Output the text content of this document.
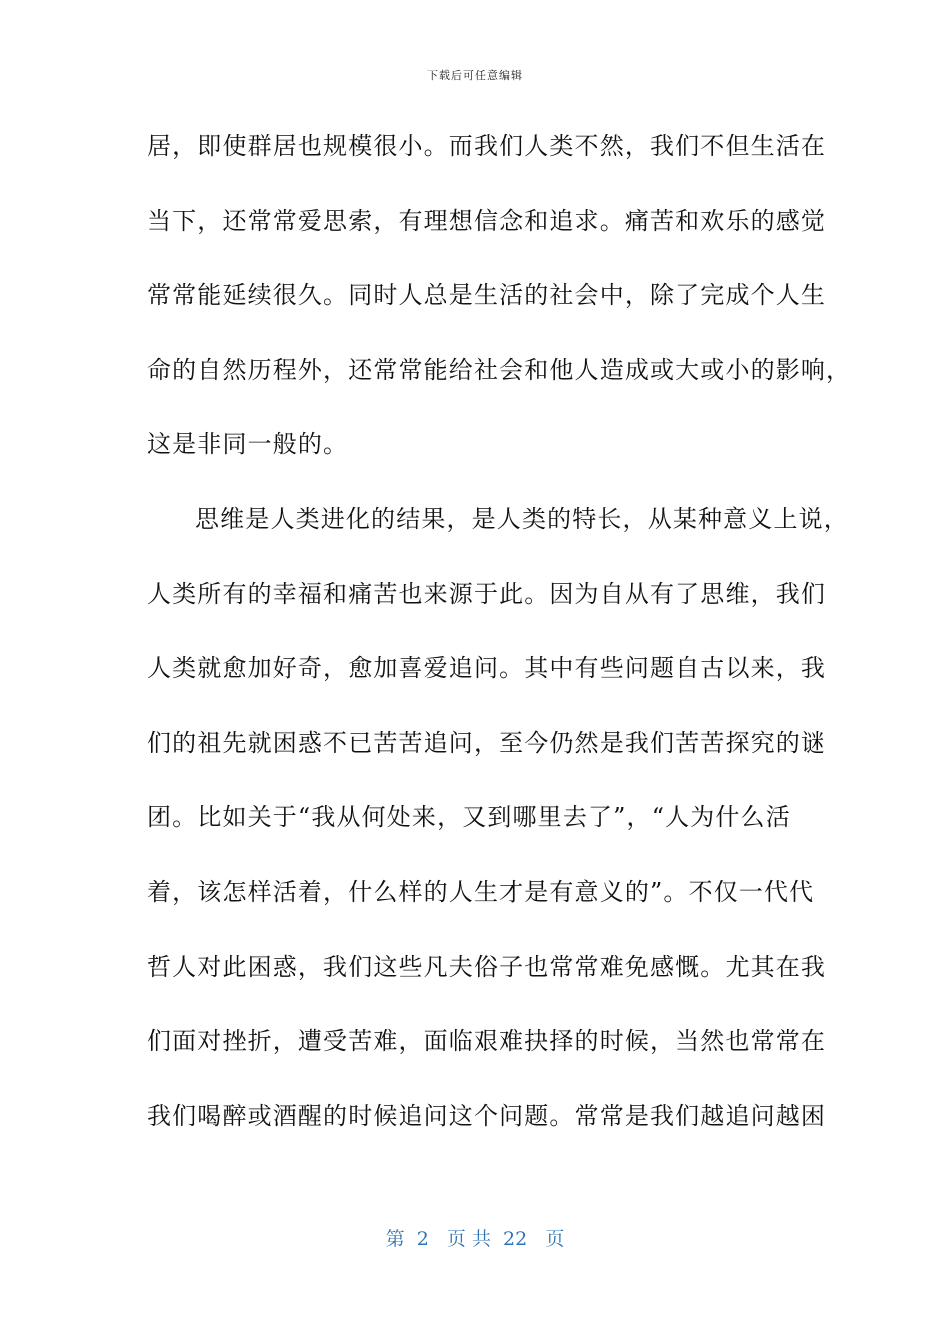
下载后可任意编辑
居，即使群居也规模很小。而我们人类不然，我们不但生活在
当下，还常常爱思索，有理想信念和追求。痛苦和欢乐的感觉
常常能延续很久。同时人总是生活的社会中，除了完成个人生
命的自然历程外，还常常能给社会和他人造成或大或小的影响，
这是非同一般的。
思维是人类进化的结果，是人类的特长，从某种意义上说，
人类所有的幸福和痛苦也来源于此。因为自从有了思维，我们
人类就愈加好奇，愈加喜爱追问。其中有些问题自古以来，我
们的祖先就困惑不已苦苦追问，至今仍然是我们苦苦探究的谜
团。比如关于“我从何处来，又到哪里去了”，“人为什么活
着，该怎样活着，什么样的人生才是有意义的”。不仅一代代
哲人对此困惑，我们这些凡夫俗子也常常难免感慨。尤其在我
们面对挫折，遭受苦难，面临艰难抉择的时候，当然也常常在
我们喝醉或酒醒的时候追问这个问题。常常是我们越追问越困
第  2   页 共  22   页
